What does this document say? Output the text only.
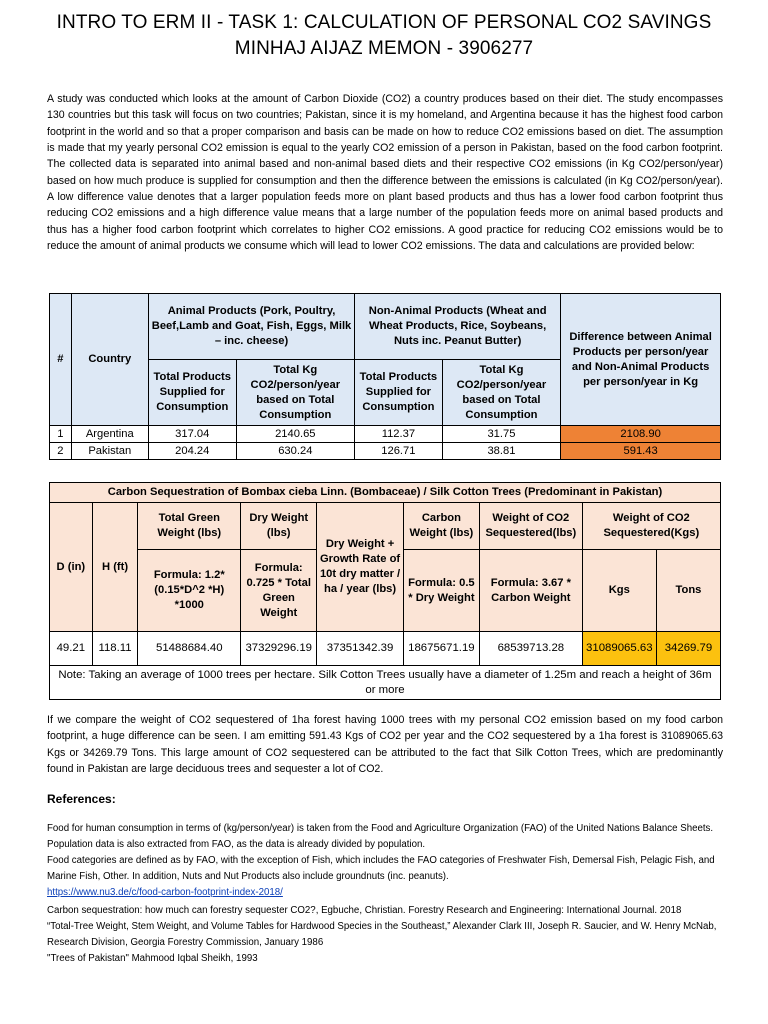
INTRO TO ERM II - TASK 1: CALCULATION OF PERSONAL CO2 SAVINGS
MINHAJ AIJAZ MEMON - 3906277

A study was conducted which looks at the amount of Carbon Dioxide (CO2) a country produces based on their diet. The study encompasses 130 countries but this task will focus on two countries; Pakistan, since it is my homeland, and Argentina because it has the highest food carbon footprint in the world and so that a proper comparison and basis can be made on how to reduce CO2 emissions based on diet. The assumption is made that my yearly personal CO2 emission is equal to the yearly CO2 emission of a person in Pakistan, based on the food carbon footprint. The collected data is separated into animal based and non-animal based diets and their respective CO2 emissions (in Kg CO2/person/year) based on how much produce is supplied for consumption and then the difference between the emissions is calculated (in Kg CO2/person/year). A low difference value denotes that a larger population feeds more on plant based products and thus has a lower food carbon footprint thus reducing CO2 emissions and a high difference value means that a large number of the population feeds more on animal based products and thus has a higher food carbon footprint which correlates to higher CO2 emissions. A good practice for reducing CO2 emissions would be to reduce the amount of animal products we consume which will lead to lower CO2 emissions. The data and calculations are provided below:

#	Country	Animal Products (Pork, Poultry, Beef,Lamb and Goat, Fish, Eggs, Milk – inc. cheese)		Non-Animal Products (Wheat and Wheat Products, Rice, Soybeans, Nuts inc. Peanut Butter)		Difference between Animal Products per person/year and Non-Animal Products per person/year in Kg
		Total Products Supplied for Consumption	Total Kg CO2/person/year based on Total Consumption	Total Products Supplied for Consumption	Total Kg CO2/person/year based on Total Consumption	
1	Argentina	317.04	2140.65	112.37	31.75	2108.90
2	Pakistan	204.24	630.24	126.71	38.81	591.43
Carbon Sequestration of Bombax cieba Linn. (Bombaceae) / Silk Cotton Trees (Predominant in Pakistan)								
D (in)	H (ft)	Total Green Weight (lbs)	Dry Weight (lbs)	Dry Weight + Growth Rate of 10t dry matter / ha / year (lbs)	Carbon Weight (lbs)	Weight of CO2 Sequestered(lbs)	Weight of CO2 Sequestered(Kgs)	
		Formula: 1.2*(0.15*D^2 *H) *1000	Formula: 0.725 * Total Green Weight		Formula: 0.5 * Dry Weight	Formula: 3.67 * Carbon Weight	Kgs	Tons
49.21	118.11	51488684.40	37329296.19	37351342.39	18675671.19	68539713.28	31089065.63	34269.79
Note: Taking an average of 1000 trees per hectare. Silk Cotton Trees usually have a diameter of 1.25m and reach a height of 36m or more								

If we compare the weight of CO2 sequestered of 1ha forest having 1000 trees with my personal CO2 emission based on my food carbon footprint, a huge difference can be seen. I am emitting 591.43 Kgs of CO2 per year and the CO2 sequestered by a 1ha forest is 31089065.63 Kgs or 34269.79 Tons. This large amount of CO2 sequestered can be attributed to the fact that Silk Cotton Trees, which are predominantly found in Pakistan are large deciduous trees and sequester a lot of CO2.

References:
Food for human consumption in terms of (kg/person/year) is taken from the Food and Agriculture Organization (FAO) of the United Nations Balance Sheets. Population data is also extracted from FAO, as the data is already divided by population.
Food categories are defined as by FAO, with the exception of Fish, which includes the FAO categories of Freshwater Fish, Demersal Fish, Pelagic Fish, and Marine Fish, Other. In addition, Nuts and Nut Products also include groundnuts (inc. peanuts).
https://www.nu3.de/c/food-carbon-footprint-index-2018/
Carbon sequestration: how much can forestry sequester CO2?, Egbuche, Christian. Forestry Research and Engineering: International Journal. 2018
“Total-Tree Weight, Stem Weight, and Volume Tables for Hardwood Species in the Southeast,” Alexander Clark III, Joseph R. Saucier, and W. Henry McNab, Research Division, Georgia Forestry Commission, January 1986
"Trees of Pakistan" Mahmood Iqbal Sheikh, 1993
